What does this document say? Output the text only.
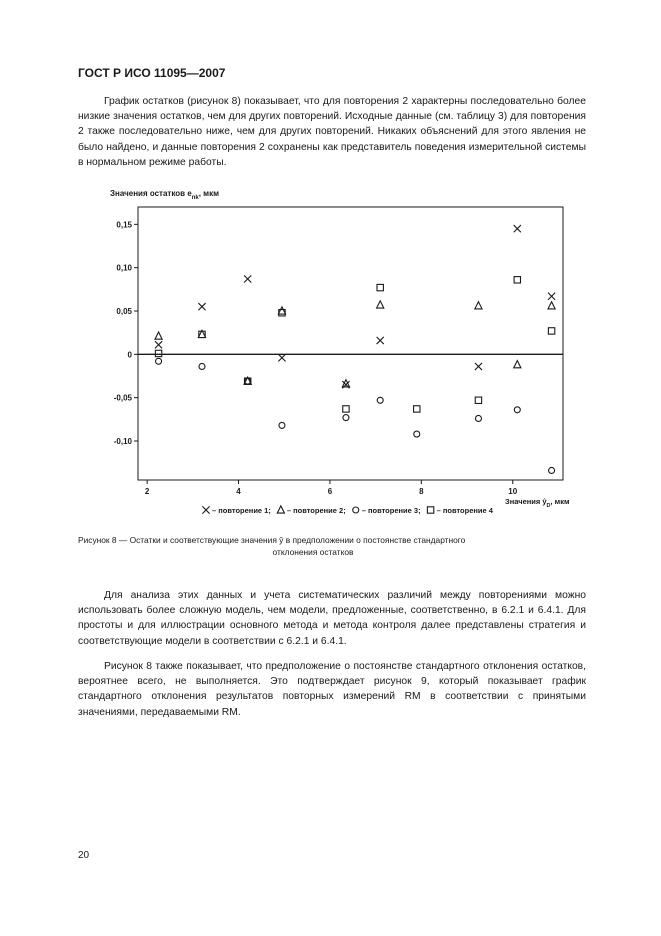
ГОСТ Р ИСО 11095—2007

График остатков (рисунок 8) показывает, что для повторения 2 характерны последовательно более низкие значения остатков, чем для других повторений. Исходные данные (см. таблицу 3) для повторения 2 также последовательно ниже, чем для других повторений. Никаких объяснений для этого явления не было найдено, и данные повторения 2 сохранены как представитель поведения измерительной системы в нормальном режиме работы.

Значения остатков $e_{nk}$, мкм
Значения $ŷ_D$, мкм
– повторение 1; – повторение 2; – повторение 3; – повторение 4
0,15
0,10
0,05
0
-0,05
-0,10
2	4	6	8	10
Рисунок 8 — Остатки и соответствующие значения ŷ в предположении о постоянстве стандартного
отклонения остатков

Для анализа этих данных и учета систематических различий между повторениями можно использовать более сложную модель, чем модели, предложенные, соответственно, в 6.2.1 и 6.4.1. Для простоты и для иллюстрации основного метода и метода контроля далее представлены стратегия и соответствующие модели в соответствии с 6.2.1 и 6.4.1.

Рисунок 8 также показывает, что предположение о постоянстве стандартного отклонения остатков, вероятнее всего, не выполняется. Это подтверждает рисунок 9, который показывает график стандартного отклонения результатов повторных измерений RM в соответствии с принятыми значениями, передаваемыми RM.

20
